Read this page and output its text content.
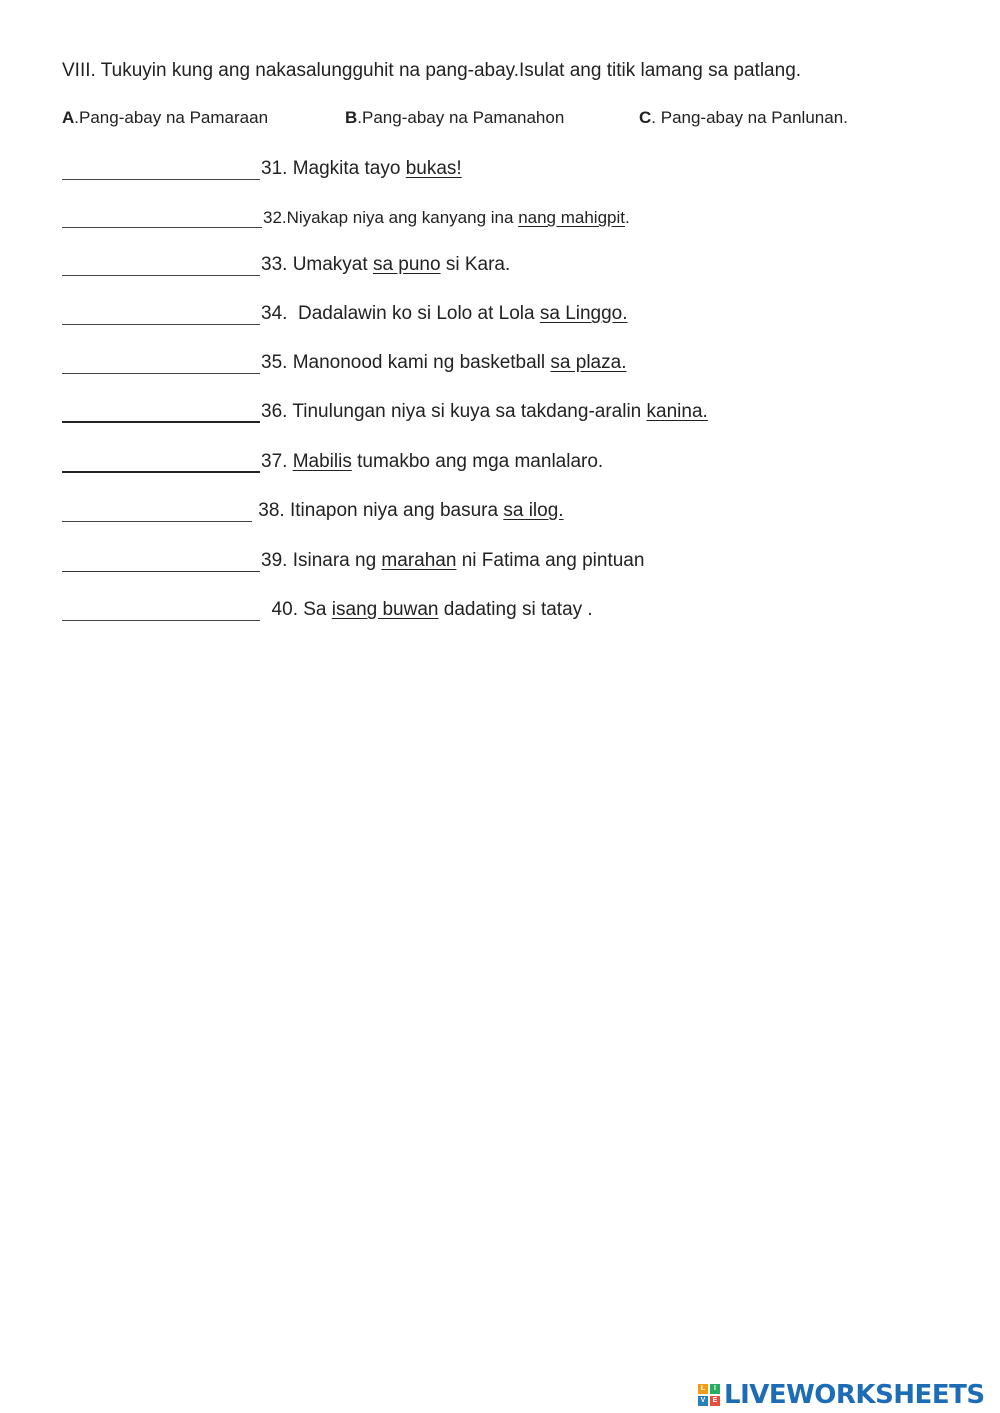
VIII. Tukuyin kung ang nakasalungguhit na pang-abay.Isulat ang titik lamang sa patlang.
A.Pang-abay na Pamaraan	B.Pang-abay na Pamanahon	C. Pang-abay na Panlunan.
31. Magkita tayo bukas!
32.Niyakap niya ang kanyang ina nang mahigpit.
33. Umakyat sa puno si Kara.
34.  Dadalawin ko si Lolo at Lola sa Linggo.
35. Manonood kami ng basketball sa plaza.
36. Tinulungan niya si kuya sa takdang-aralin kanina.
37. Mabilis tumakbo ang mga manlalaro.
38. Itinapon niya ang basura sa ilog.
39. Isinara ng marahan ni Fatima ang pintuan
40. Sa isang buwan dadating si tatay .
L	I
V	E LIVEWORKSHEETS
